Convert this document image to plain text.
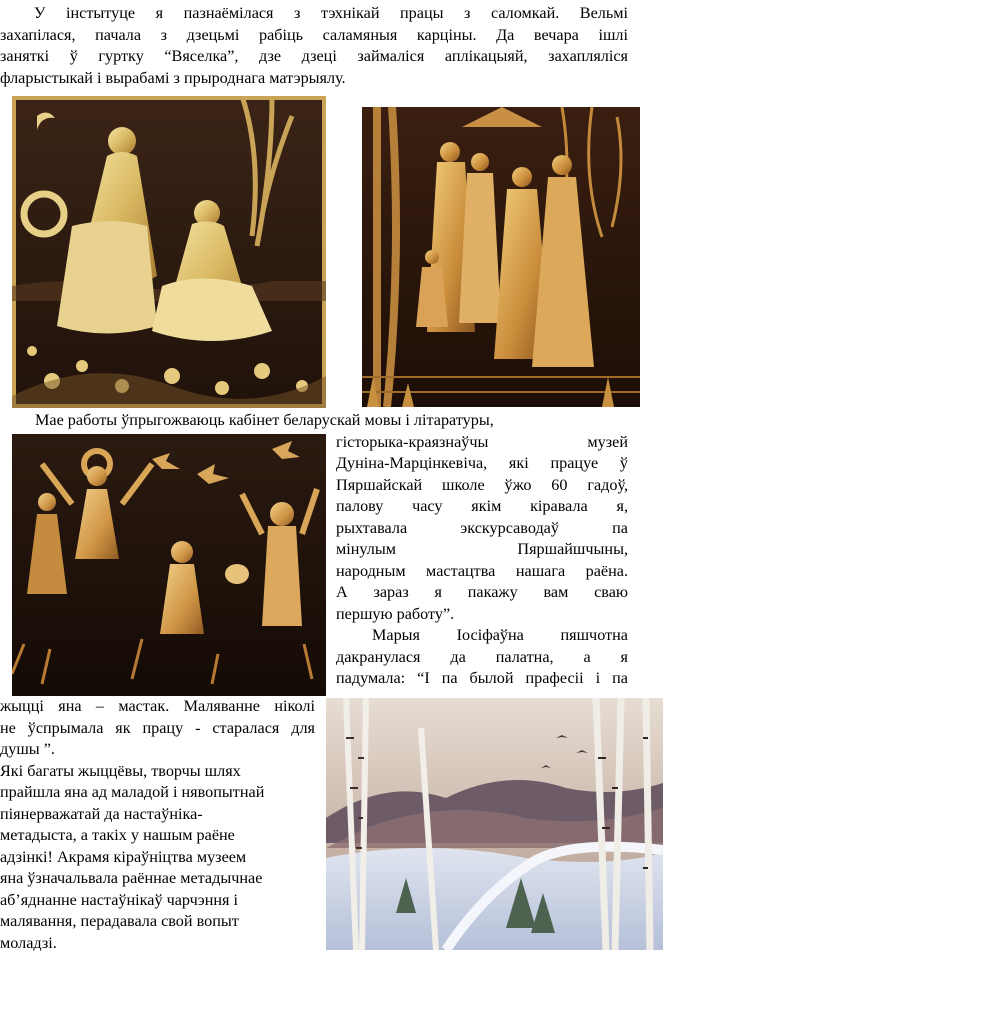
У інстытуце я пазнаёмілася з тэхнікай працы з саломкай. Вельмі
захапілася, пачала з дзецьмі рабіць саламяныя карціны. Да вечара ішлі
заняткі ў гуртку “Вяселка”, дзе дзеці займаліся аплікацыяй, захапляліся
фларыстыкай і вырабамі з прыроднага матэрыялу.
Мае работы ўпрыгожваюць кабінет беларускай мовы і літаратуры,
гісторыка-краязнаўчы музей
Дуніна-Марцінкевіча, які працуе ў
Пяршайскай школе ўжо 60 гадоў,
палову часу якім кіравала я,
рыхтавала экскурсаводаў па
мінулым Пяршайшчыны,
народным мастацтва нашага раёна.
А зараз я пакажу вам сваю
першую работу”.
Марыя Іосіфаўна пяшчотна
дакранулася да палатна, а я
падумала: “І па былой прафесіі і па
жыцці яна – мастак. Маляванне ніколі
не ўспрымала як працу - старалася для
душы ”.
Які багаты жыццёвы, творчы шлях
прайшла яна ад маладой і нявопытнай
піянерважатай да настаўніка-
метадыста, а такіх у нашым раёне
адзінкі! Акрамя кіраўніцтва музеем
яна ўзначальвала раённае метадычнае
аб’яднанне настаўнікаў чарчэння і
малявання, перадавала свой вопыт
моладзі.
